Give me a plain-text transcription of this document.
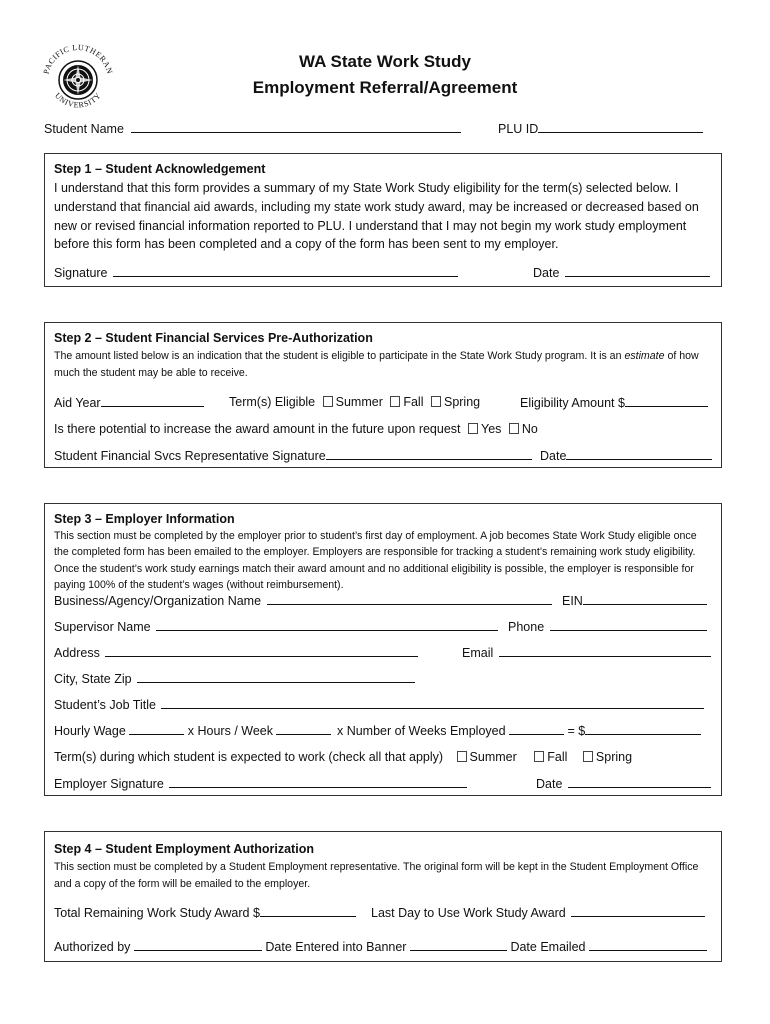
PACIFIC LUTHERAN
UNIVERSITY
WA State Work Study
Employment Referral/Agreement
Student Name	PLU ID
Step 1 – Student Acknowledgement
I understand that this form provides a summary of my State Work Study eligibility for the term(s) selected below. I understand that financial aid awards, including my state work study award, may be increased or decreased based on new or revised financial information reported to PLU. I understand that I may not begin my work study employment before this form has been completed and a copy of the form has been sent to my employer.
Signature	Date
Step 2 – Student Financial Services Pre-Authorization
The amount listed below is an indication that the student is eligible to participate in the State Work Study program. It is an estimate of how much the student may be able to receive.
Aid Year	Term(s) Eligible Summer Fall Spring	Eligibility Amount $
Is there potential to increase the award amount in the future upon request Yes No
Student Financial Svcs Representative Signature	Date
Step 3 – Employer Information
This section must be completed by the employer prior to student’s first day of employment. A job becomes State Work Study eligible once the completed form has been emailed to the employer. Employers are responsible for tracking a student’s remaining work study eligibility. Once the student’s work study earnings match their award amount and no additional eligibility is possible, the employer is responsible for paying 100% of the student’s wages (without reimbursement).
Business/Agency/Organization Name	EIN
Supervisor Name	Phone
Address	Email
City, State Zip
Student’s Job Title
Hourly Wage	x Hours / Week	x Number of Weeks Employed	= $
Term(s) during which student is expected to work (check all that apply) Summer Fall Spring
Employer Signature	Date
Step 4 – Student Employment Authorization
This section must be completed by a Student Employment representative. The original form will be kept in the Student Employment Office and a copy of the form will be emailed to the employer.
Total Remaining Work Study Award $	Last Day to Use Work Study Award
Authorized by	Date Entered into Banner	Date Emailed
